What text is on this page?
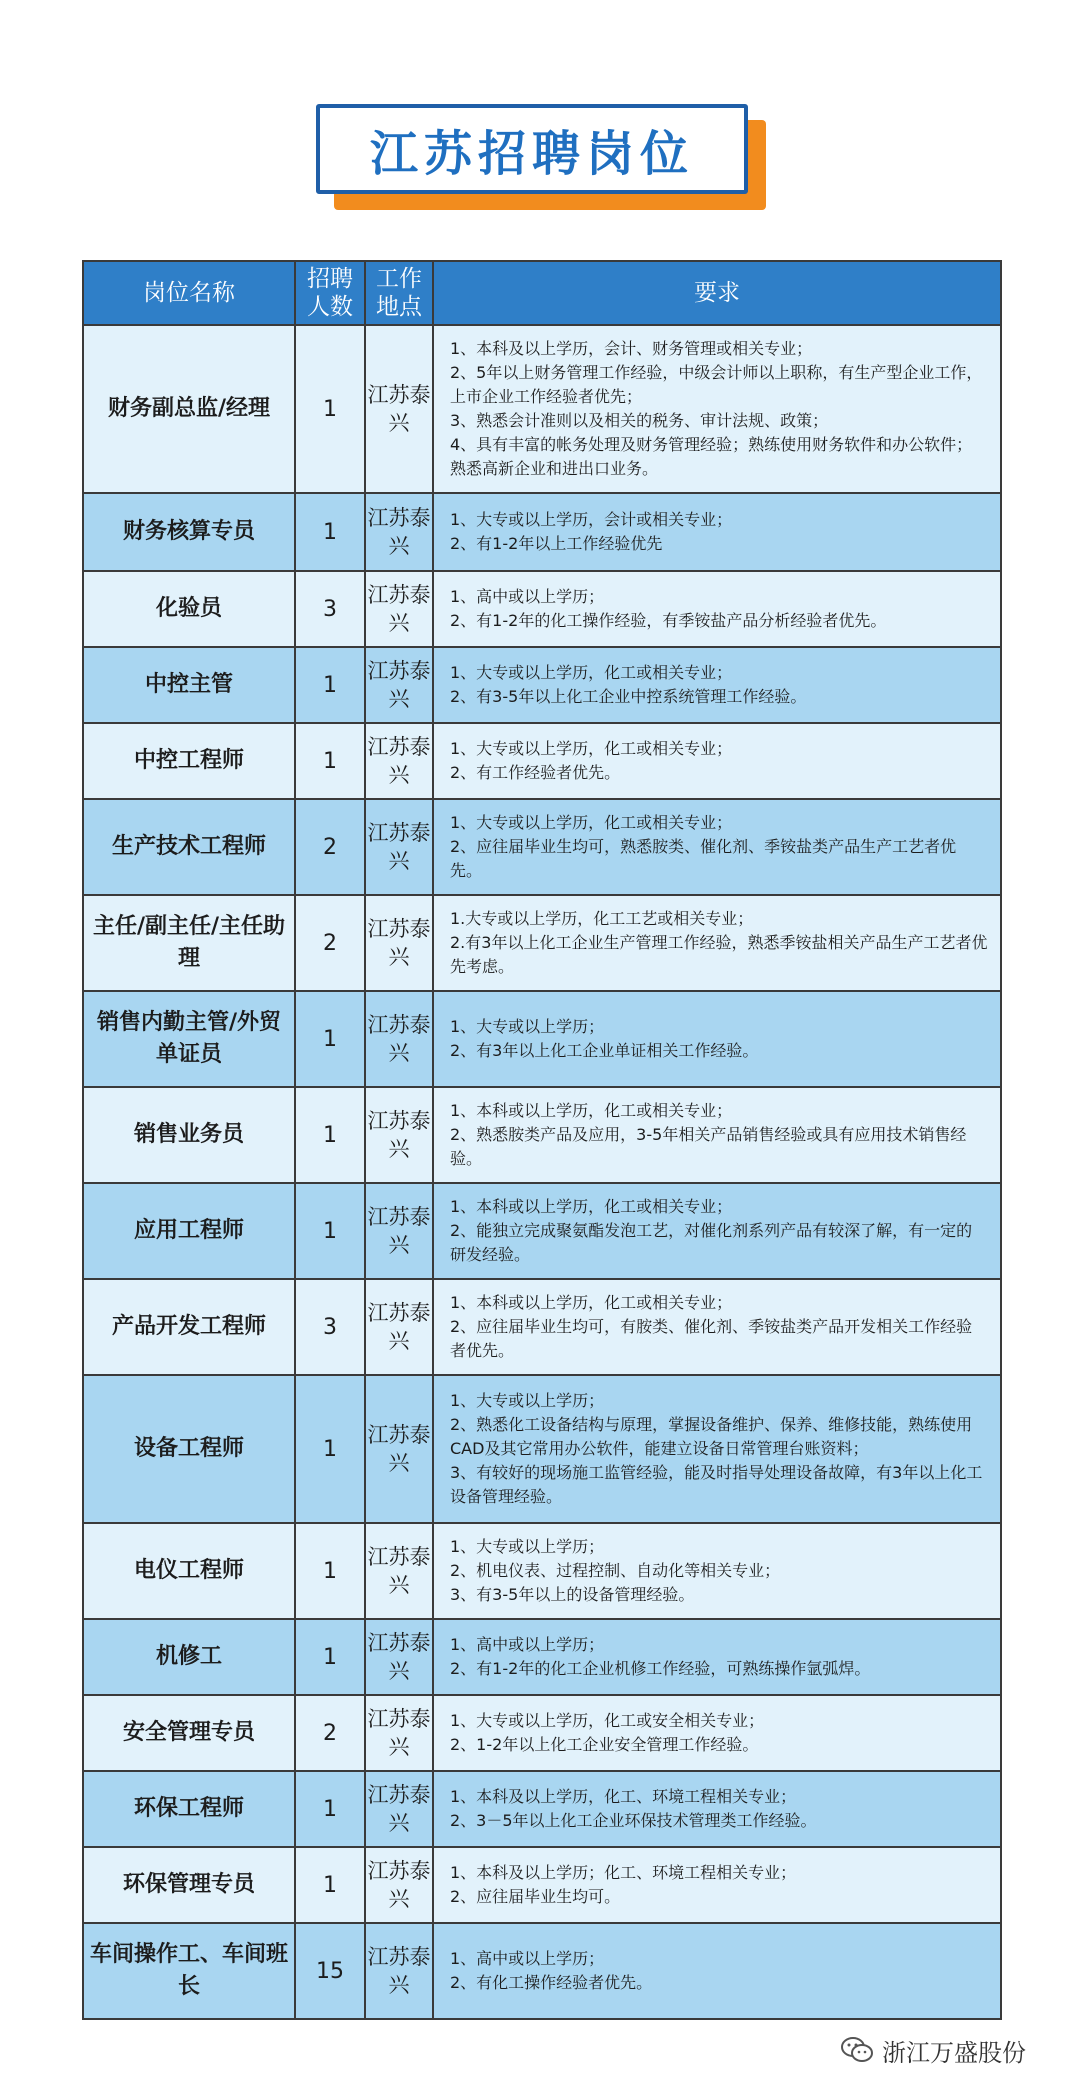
江苏招聘岗位
岗位名称	招聘人数	工作地点	要求
财务副总监/经理	1	江苏泰兴	1、本科及以上学历，会计、财务管理或相关专业；
2、5年以上财务管理工作经验，中级会计师以上职称，有生产型企业工作，上市企业工作经验者优先；
3、熟悉会计准则以及相关的税务、审计法规、政策；
4、具有丰富的帐务处理及财务管理经验；熟练使用财务软件和办公软件；熟悉高新企业和进出口业务。

财务核算专员	1	江苏泰兴	1、大专或以上学历，会计或相关专业；
2、有1-2年以上工作经验优先

化验员	3	江苏泰兴	1、高中或以上学历；
2、有1-2年的化工操作经验，有季铵盐产品分析经验者优先。

中控主管	1	江苏泰兴	1、大专或以上学历，化工或相关专业；
2、有3-5年以上化工企业中控系统管理工作经验。

中控工程师	1	江苏泰兴	1、大专或以上学历，化工或相关专业；
2、有工作经验者优先。

生产技术工程师	2	江苏泰兴	1、大专或以上学历，化工或相关专业；
2、应往届毕业生均可，熟悉胺类、催化剂、季铵盐类产品生产工艺者优先。

主任/副主任/主任助理	2	江苏泰兴	1.大专或以上学历，化工工艺或相关专业；
2.有3年以上化工企业生产管理工作经验，熟悉季铵盐相关产品生产工艺者优先考虑。

销售内勤主管/外贸单证员	1	江苏泰兴	1、大专或以上学历；
2、有3年以上化工企业单证相关工作经验。

销售业务员	1	江苏泰兴	1、本科或以上学历，化工或相关专业；
2、熟悉胺类产品及应用，3-5年相关产品销售经验或具有应用技术销售经验。

应用工程师	1	江苏泰兴	1、本科或以上学历，化工或相关专业；
2、能独立完成聚氨酯发泡工艺，对催化剂系列产品有较深了解，有一定的研发经验。

产品开发工程师	3	江苏泰兴	1、本科或以上学历，化工或相关专业；
2、应往届毕业生均可，有胺类、催化剂、季铵盐类产品开发相关工作经验者优先。

设备工程师	1	江苏泰兴	1、大专或以上学历；
2、熟悉化工设备结构与原理，掌握设备维护、保养、维修技能，熟练使用CAD及其它常用办公软件，能建立设备日常管理台账资料；
3、有较好的现场施工监管经验，能及时指导处理设备故障，有3年以上化工设备管理经验。

电仪工程师	1	江苏泰兴	1、大专或以上学历；
2、机电仪表、过程控制、自动化等相关专业；
3、有3-5年以上的设备管理经验。

机修工	1	江苏泰兴	1、高中或以上学历；
2、有1-2年的化工企业机修工作经验，可熟练操作氩弧焊。

安全管理专员	2	江苏泰兴	1、大专或以上学历，化工或安全相关专业；
2、1-2年以上化工企业安全管理工作经验。

环保工程师	1	江苏泰兴	1、本科及以上学历，化工、环境工程相关专业；
2、3－5年以上化工企业环保技术管理类工作经验。

环保管理专员	1	江苏泰兴	1、本科及以上学历；化工、环境工程相关专业；
2、应往届毕业生均可。

车间操作工、车间班长	15	江苏泰兴	1、高中或以上学历；
2、有化工操作经验者优先。
浙江万盛股份
